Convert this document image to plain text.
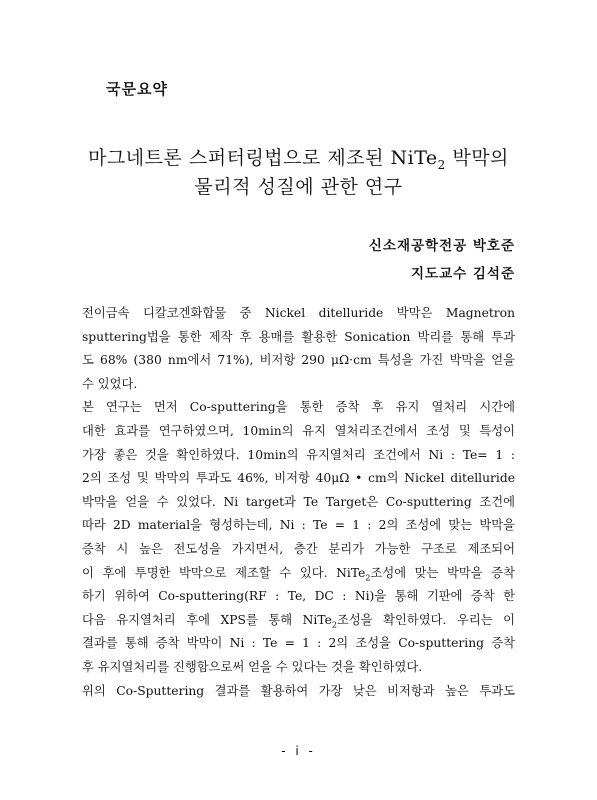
국문요약
마그네트론 스퍼터링법으로 제조된 NiTe$_2$ 박막의
물리적 성질에 관한 연구
신소재공학전공 박호준
지도교수 김석준
전이금속 디칼코겐화합물 중 Nickel ditelluride 박막은 Magnetron
sputtering법을 통한 제작 후 용매를 활용한 Sonication 박리를 통해 투과
도 68% (380 nm에서 71%), 비저항 290 μΩ·cm 특성을 가진 박막을 얻을
수 있었다.
본 연구는 먼저 Co-sputtering을 통한 증착 후 유지 열처리 시간에
대한 효과를 연구하였으며, 10min의 유지 열처리조건에서 조성 및 특성이
가장 좋은 것을 확인하였다. 10min의 유지열처리 조건에서 Ni : Te= 1 :
2의 조성 및 박막의 투과도 46%, 비저항 40μΩ • cm의 Nickel ditelluride
박막을 얻을 수 있었다. Ni target과 Te Target은 Co-sputtering 조건에
따라 2D material을 형성하는데, Ni : Te = 1 : 2의 조성에 맞는 박막을
증착 시 높은 전도성을 가지면서, 층간 분리가 가능한 구조로 제조되어
이 후에 투명한 박막으로 제조할 수 있다. NiTe$_2$조성에 맞는 박막을 증착
하기 위하여 Co-sputtering(RF : Te, DC : Ni)을 통해 기판에 증착 한
다음 유지열처리 후에 XPS를 통해 NiTe$_2$조성을 확인하였다. 우리는 이
결과를 통해 증착 박막이 Ni : Te = 1 : 2의 조성을 Co-sputtering 증착
후 유지열처리를 진행함으로써 얻을 수 있다는 것을 확인하였다.
위의 Co-Sputtering 결과를 활용하여 가장 낮은 비저항과 높은 투과도
- i -
